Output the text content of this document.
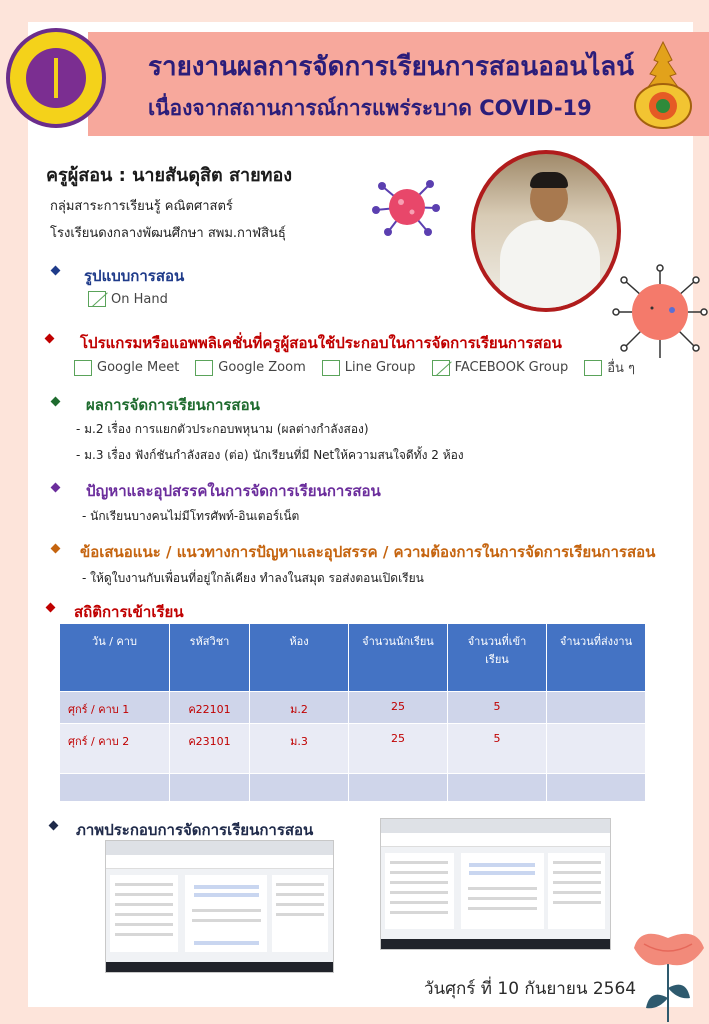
รายงานผลการจัดการเรียนการสอนออนไลน์
เนื่องจากสถานการณ์การแพร่ระบาด COVID-19
ครูผู้สอน : นายสันดุสิต สายทอง
กลุ่มสาระการเรียนรู้ คณิตศาสตร์
โรงเรียนดงกลางพัฒนศึกษา สพม.กาฬสินธุ์
รูปแบบการสอน
On Hand
โปรแกรมหรือแอพพลิเคชั่นที่ครูผู้สอนใช้ประกอบในการจัดการเรียนการสอน
Google Meet	Google Zoom	Line Group	FACEBOOK Group	อื่น ๆ
ผลการจัดการเรียนการสอน
- ม.2 เรื่อง การแยกตัวประกอบพหุนาม (ผลต่างกำลังสอง)
- ม.3 เรื่อง ฟังก์ชันกำลังสอง (ต่อ) นักเรียนที่มี Netให้ความสนใจดีทั้ง 2 ห้อง
ปัญหาและอุปสรรคในการจัดการเรียนการสอน
- นักเรียนบางคนไม่มีโทรศัพท์-อินเตอร์เน็ต
ข้อเสนอแนะ / แนวทางการปัญหาและอุปสรรค / ความต้องการในการจัดการเรียนการสอน
- ให้ดูใบงานกับเพื่อนที่อยู่ใกล้เคียง ทำลงในสมุด รอส่งตอนเปิดเรียน
สถิติการเข้าเรียน
วัน / คาบ	รหัสวิชา	ห้อง	จำนวนนักเรียน	จำนวนที่เข้าเรียน	จำนวนที่ส่งงาน
ศุกร์ / คาบ 1	ค22101	ม.2	25	5	
ศุกร์ / คาบ 2	ค23101	ม.3	25	5	

ภาพประกอบการจัดการเรียนการสอน
วันศุกร์ ที่ 10 กันยายน 2564
